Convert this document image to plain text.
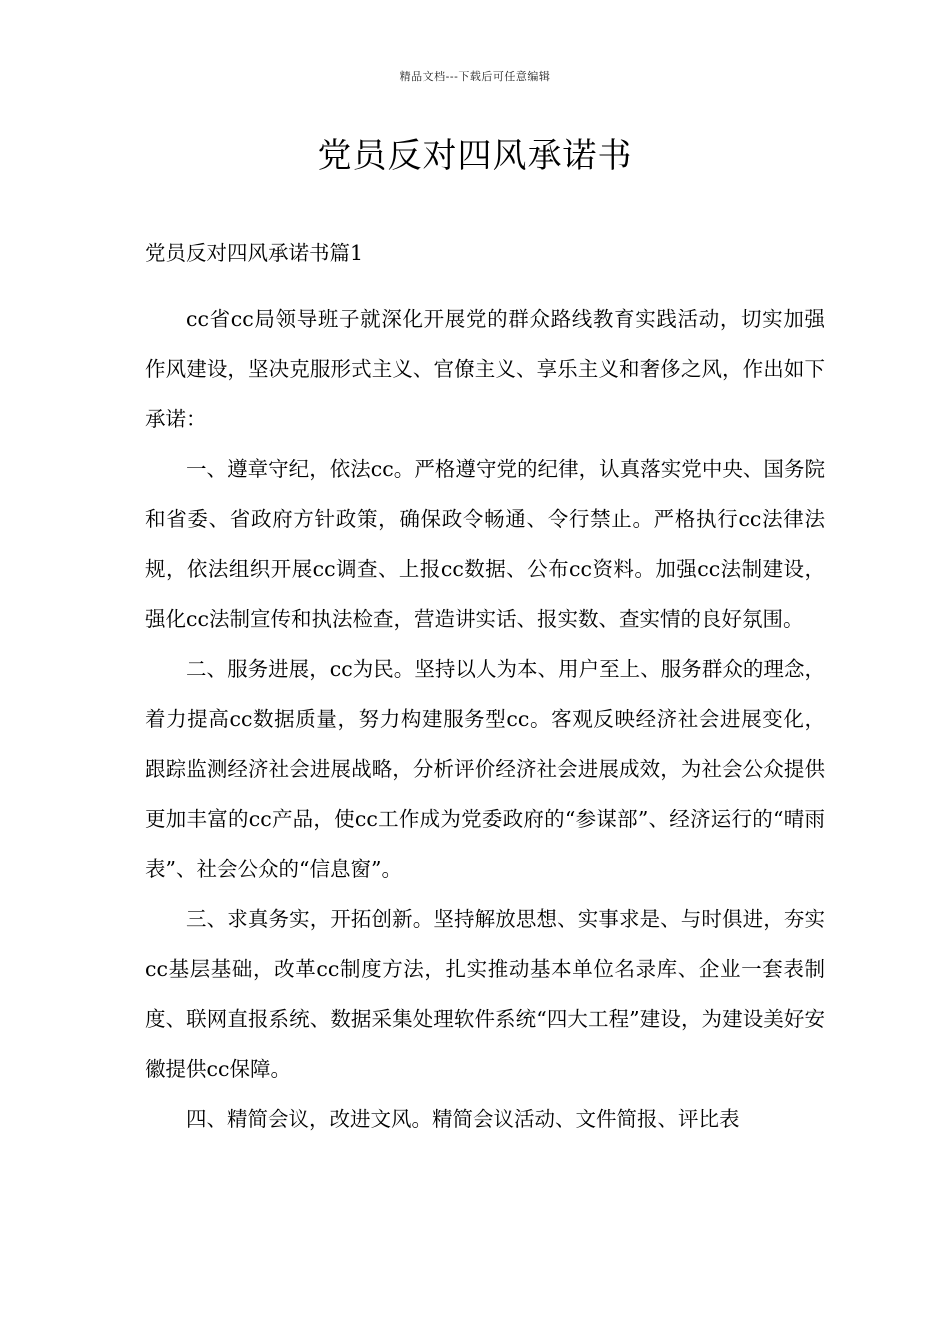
精品文档---下载后可任意编辑
党员反对四风承诺书
党员反对四风承诺书篇1

cc省cc局领导班子就深化开展党的群众路线教育实践活动，切实加强作风建设，坚决克服形式主义、官僚主义、享乐主义和奢侈之风，作出如下承诺：

一、遵章守纪，依法cc。严格遵守党的纪律，认真落实党中央、国务院和省委、省政府方针政策，确保政令畅通、令行禁止。严格执行cc法律法规，依法组织开展cc调查、上报cc数据、公布cc资料。加强cc法制建设，强化cc法制宣传和执法检查，营造讲实话、报实数、查实情的良好氛围。

二、服务进展，cc为民。坚持以人为本、用户至上、服务群众的理念，着力提高cc数据质量，努力构建服务型cc。客观反映经济社会进展变化，跟踪监测经济社会进展战略，分析评价经济社会进展成效，为社会公众提供更加丰富的cc产品，使cc工作成为党委政府的“参谋部”、经济运行的“晴雨表”、社会公众的“信息窗”。

三、求真务实，开拓创新。坚持解放思想、实事求是、与时俱进，夯实cc基层基础，改革cc制度方法，扎实推动基本单位名录库、企业一套表制度、联网直报系统、数据采集处理软件系统“四大工程”建设，为建设美好安徽提供cc保障。

四、精简会议，改进文风。精简会议活动、文件简报、评比表
